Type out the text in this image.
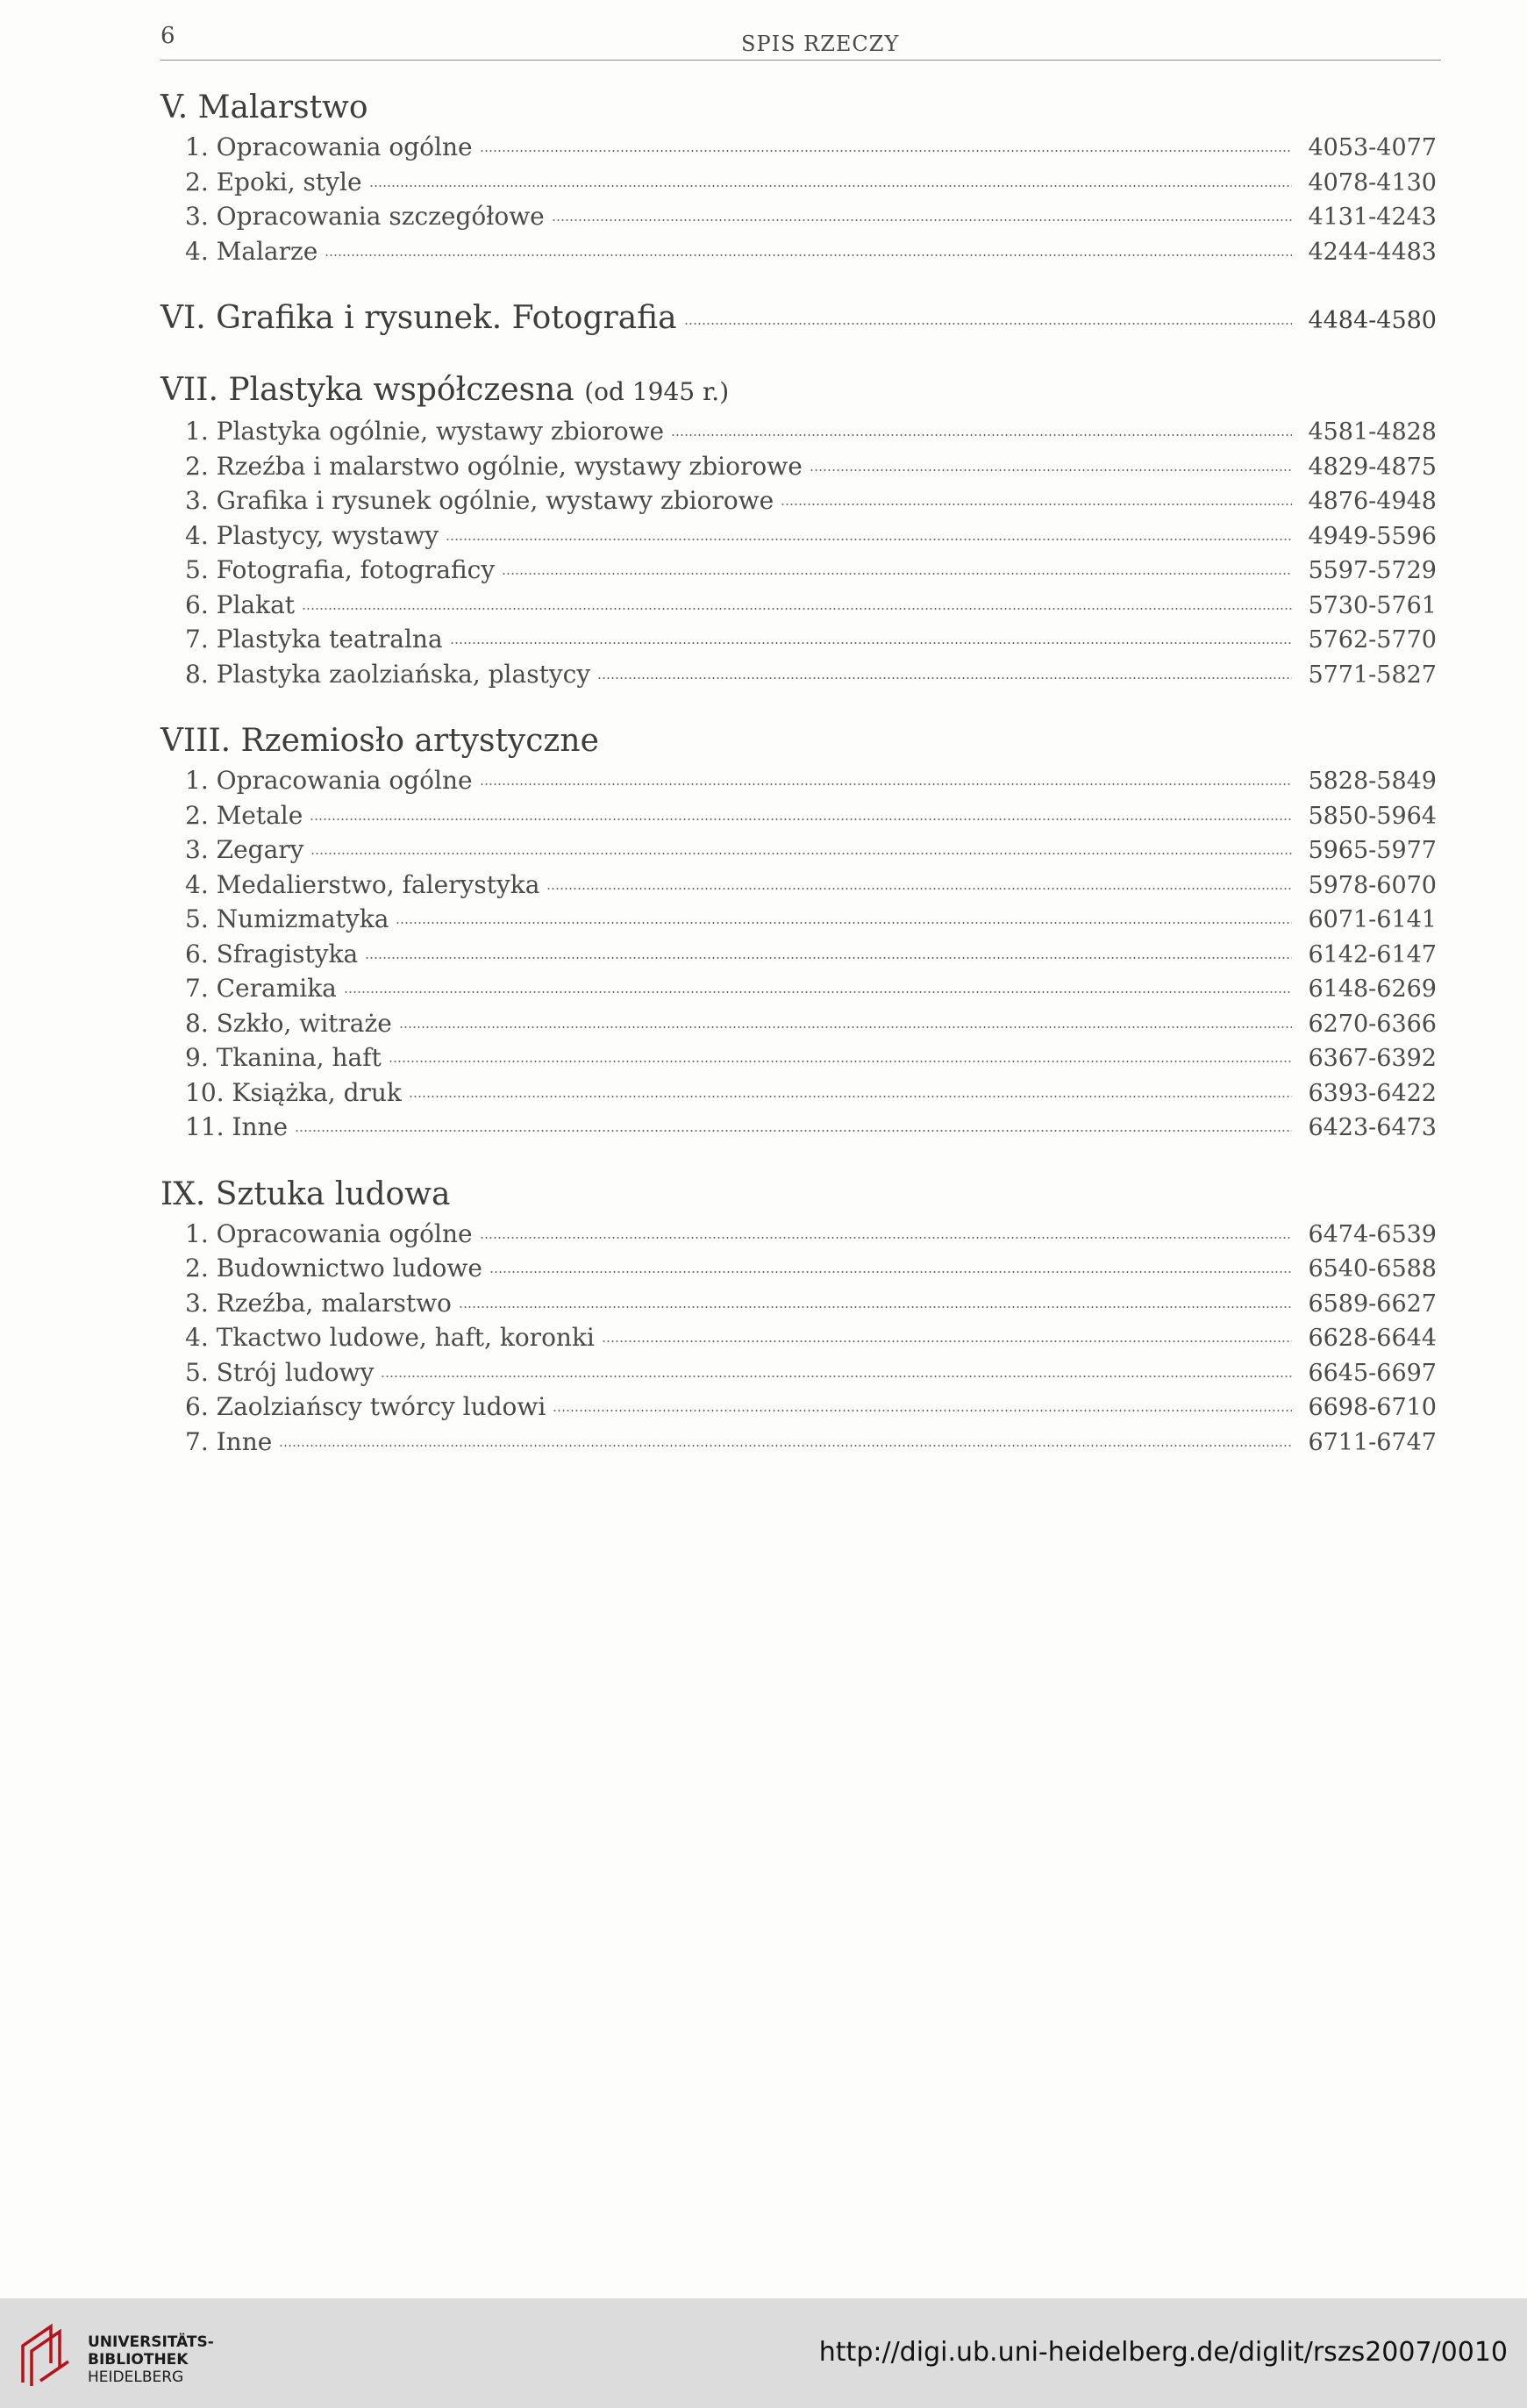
6	SPIS RZECZY
V. Malarstwo
1. Opracowania ogólne	4053-4077
2. Epoki, style	4078-4130
3. Opracowania szczegółowe	4131-4243
4. Malarze	4244-4483
VI. Grafika i rysunek. Fotografia	4484-4580
VII. Plastyka współczesna (od 1945 r.)
1. Plastyka ogólnie, wystawy zbiorowe	4581-4828
2. Rzeźba i malarstwo ogólnie, wystawy zbiorowe	4829-4875
3. Grafika i rysunek ogólnie, wystawy zbiorowe	4876-4948
4. Plastycy, wystawy	4949-5596
5. Fotografia, fotograficy	5597-5729
6. Plakat	5730-5761
7. Plastyka teatralna	5762-5770
8. Plastyka zaolziańska, plastycy	5771-5827
VIII. Rzemiosło artystyczne
1. Opracowania ogólne	5828-5849
2. Metale	5850-5964
3. Zegary	5965-5977
4. Medalierstwo, falerystyka	5978-6070
5. Numizmatyka	6071-6141
6. Sfragistyka	6142-6147
7. Ceramika	6148-6269
8. Szkło, witraże	6270-6366
9. Tkanina, haft	6367-6392
10. Książka, druk	6393-6422
11. Inne	6423-6473
IX. Sztuka ludowa
1. Opracowania ogólne	6474-6539
2. Budownictwo ludowe	6540-6588
3. Rzeźba, malarstwo	6589-6627
4. Tkactwo ludowe, haft, koronki	6628-6644
5. Strój ludowy	6645-6697
6. Zaolziańscy twórcy ludowi	6698-6710
7. Inne	6711-6747
UNIVERSITÄTS-
BIBLIOTHEK
HEIDELBERG
http://digi.ub.uni-heidelberg.de/diglit/rszs2007/0010
